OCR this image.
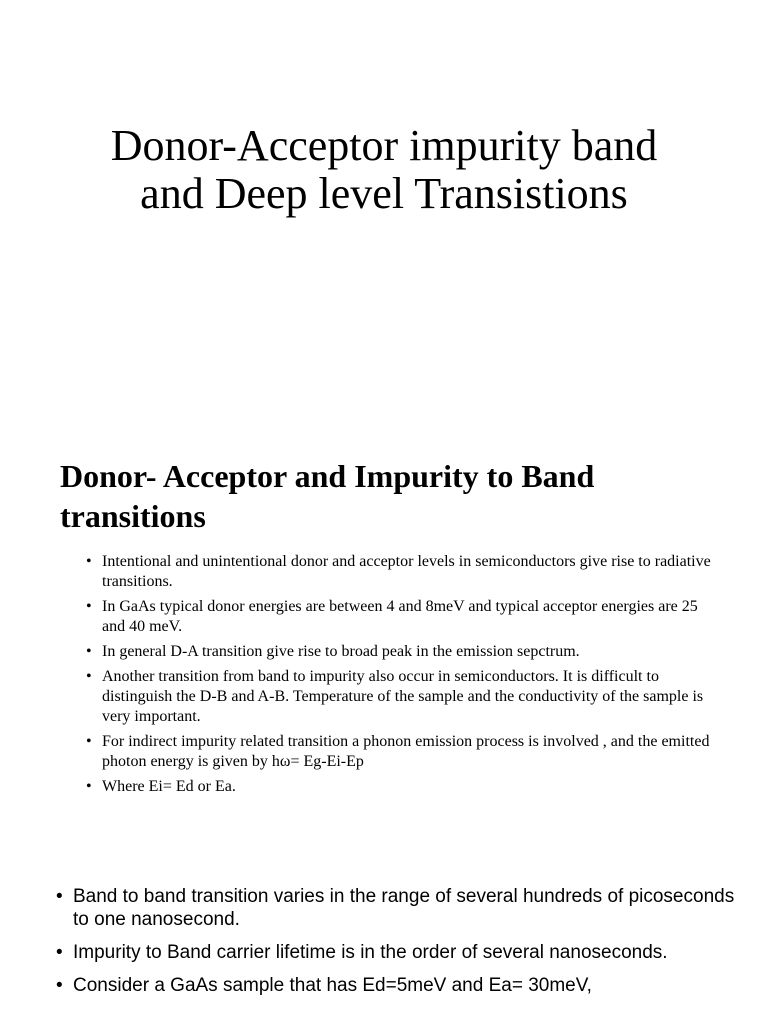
Donor-Acceptor impurity band
and Deep level Transistions
Donor- Acceptor and Impurity to Band
transitions
• Intentional and unintentional donor and acceptor levels in semiconductors give rise to radiative transitions.
• In GaAs typical donor energies are between 4 and 8meV and typical acceptor energies are 25 and 40 meV.
• In general D-A transition give rise to broad peak in the emission sepctrum.
• Another transition from band to impurity also occur in semiconductors. It is difficult to distinguish the D-B and A-B. Temperature of the sample and the conductivity of the sample is very important.
• For indirect impurity related transition a phonon emission process is involved , and the emitted photon energy is given by hω= Eg-Ei-Ep
• Where Ei= Ed or Ea.
• Band to band transition varies in the range of several hundreds of picoseconds to one nanosecond.
• Impurity to Band carrier lifetime is in the order of several nanoseconds.
• Consider a GaAs sample that has Ed=5meV and Ea= 30meV,
